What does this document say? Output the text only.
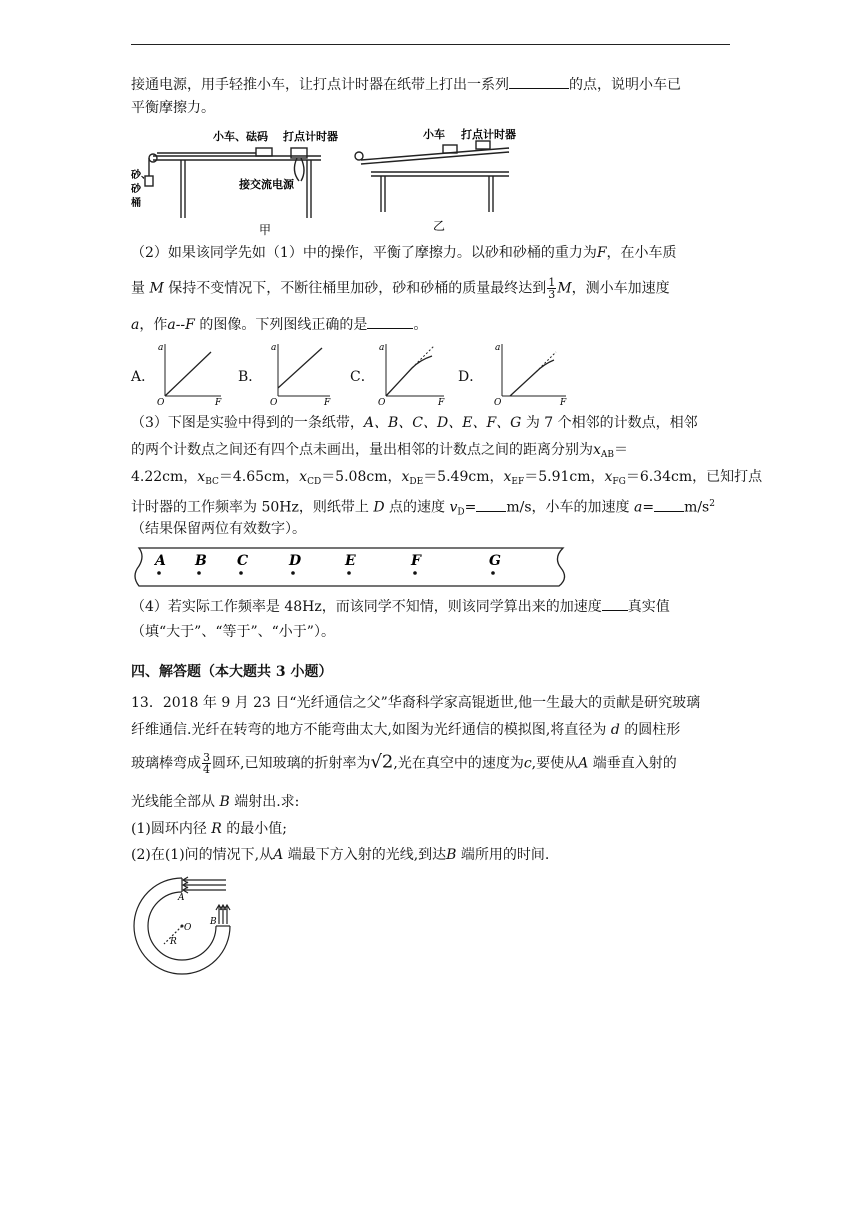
接通电源，用手轻推小车，让打点计时器在纸带上打出一系列	的点，说明小车已
平衡摩擦力。
小车、砝码 打点计时器
砂、
砂
桶
接交流电源
甲
小车 打点计时器
乙
（2）如果该同学先如（1）中的操作，平衡了摩擦力。以砂和砂桶的重力为F，在小车质
量 M 保持不变情况下，不断往桶里加砂，砂和砂桶的质量最终达到 $\frac{1}{3}$ M，测小车加速度
a，作a--F 的图像。下列图线正确的是	。
A．	B．	C．	D．
a
O	F
a
O	F
a
O	F
a
O	F
（3）下图是实验中得到的一条纸带，A、B、C、D、E、F、G 为 7 个相邻的计数点，相邻
的两个计数点之间还有四个点未画出，量出相邻的计数点之间的距离分别为$x_{AB}=$
4.22cm，$x_{BC}=4.65cm$，$x_{CD}=5.08cm$，$x_{DE}=5.49cm$，$x_{EF}=5.91cm$，$x_{FG}=6.34cm$，已知打点
计时器的工作频率为 50Hz，则纸带上 D 点的速度 $v_D= m/s$，小车的加速度 $a= m/s^2$
（结果保留两位有效数字）。
A B C	D	E	F	G
（4）若实际工作频率是 48Hz，而该同学不知情，则该同学算出来的加速度 真实值
（填“大于”、“等于”、“小于”）。
四、解答题（本大题共 3 小题）
13．2018 年 9 月 23 日“光纤通信之父”华裔科学家高锟逝世,他一生最大的贡献是研究玻璃
纤维通信.光纤在转弯的地方不能弯曲太大,如图为光纤通信的模拟图,将直径为 d 的圆柱形
玻璃棒弯成 $\frac{3}{4}$ 圆环,已知玻璃的折射率为√2,光在真空中的速度为c,要使从A 端垂直入射的
光线能全部从 B 端射出.求:
(1)圆环内径 R 的最小值;
(2)在(1)问的情况下,从A 端最下方入射的光线,到达B 端所用的时间.
A
B
O
R
